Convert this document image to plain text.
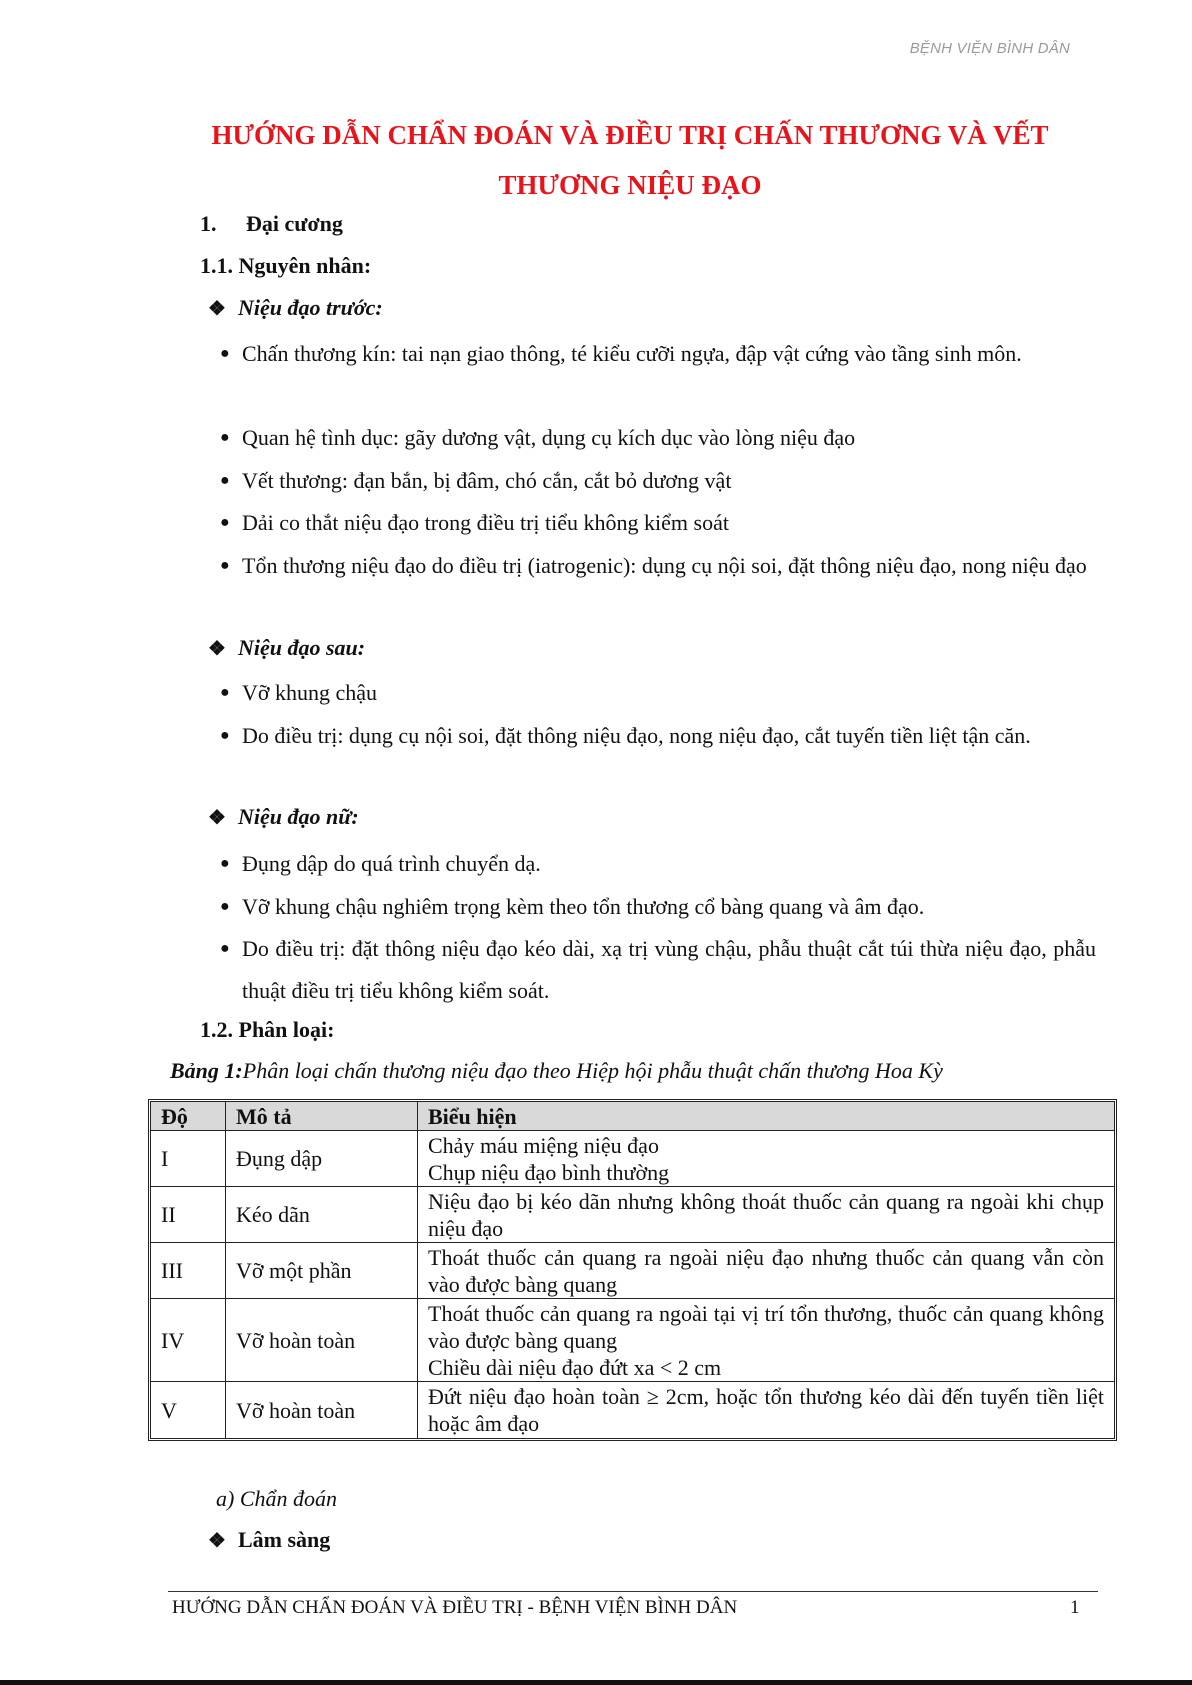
BỆNH VIỆN BÌNH DÂN
HƯỚNG DẪN CHẨN ĐOÁN VÀ ĐIỀU TRỊ CHẤN THƯƠNG VÀ VẾT
THƯƠNG NIỆU ĐẠO
1. Đại cương
1.1. Nguyên nhân:
❖ Niệu đạo trước:
● Chấn thương kín: tai nạn giao thông, té kiểu cưỡi ngựa, đập vật cứng vào tầng sinh môn.
● Quan hệ tình dục: gãy dương vật, dụng cụ kích dục vào lòng niệu đạo
● Vết thương: đạn bắn, bị đâm, chó cắn, cắt bỏ dương vật
● Dải co thắt niệu đạo trong điều trị tiểu không kiểm soát
● Tổn thương niệu đạo do điều trị (iatrogenic): dụng cụ nội soi, đặt thông niệu đạo, nong niệu đạo
❖ Niệu đạo sau:
● Vỡ khung chậu
● Do điều trị: dụng cụ nội soi, đặt thông niệu đạo, nong niệu đạo, cắt tuyến tiền liệt tận căn.
❖ Niệu đạo nữ:
● Đụng dập do quá trình chuyển dạ.
● Vỡ khung chậu nghiêm trọng kèm theo tổn thương cổ bàng quang và âm đạo.
● Do điều trị: đặt thông niệu đạo kéo dài, xạ trị vùng chậu, phẫu thuật cắt túi thừa niệu đạo, phẫu thuật điều trị tiểu không kiểm soát.
1.2. Phân loại:
Bảng 1:Phân loại chấn thương niệu đạo theo Hiệp hội phẫu thuật chấn thương Hoa Kỳ
Độ	Mô tả	Biểu hiện
I	Đụng dập	Chảy máu miệng niệu đạo
Chụp niệu đạo bình thường

II	Kéo dãn	Niệu đạo bị kéo dãn nhưng không thoát thuốc cản quang ra ngoài khi chụp niệu đạo

III	Vỡ một phần	Thoát thuốc cản quang ra ngoài niệu đạo nhưng thuốc cản quang vẫn còn vào được bàng quang

IV	Vỡ hoàn toàn	Thoát thuốc cản quang ra ngoài tại vị trí tổn thương, thuốc cản quang không vào được bàng quang
Chiều dài niệu đạo đứt xa < 2 cm

V	Vỡ hoàn toàn	Đứt niệu đạo hoàn toàn ≥ 2cm, hoặc tổn thương kéo dài đến tuyến tiền liệt hoặc âm đạo
a) Chẩn đoán
❖ Lâm sàng
HƯỚNG DẪN CHẨN ĐOÁN VÀ ĐIỀU TRỊ - BỆNH VIỆN BÌNH DÂN	1
